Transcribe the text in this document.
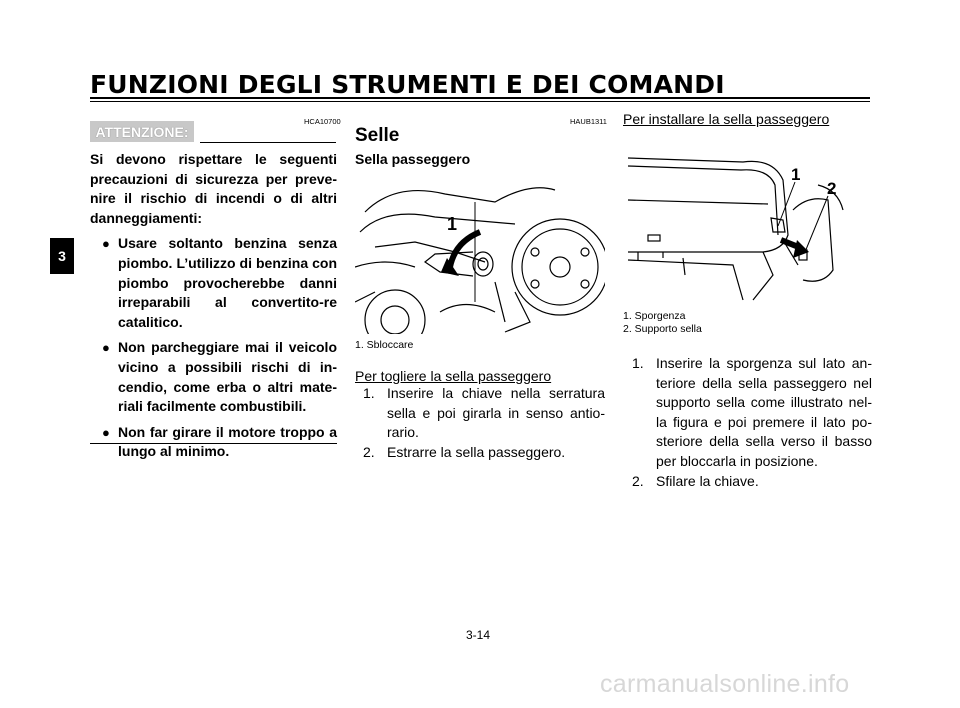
FUNZIONI DEGLI STRUMENTI E DEI COMANDI
3
HCA10700
ATTENZIONE:
Si devono rispettare le seguenti precauzioni di sicurezza per preve-nire il rischio di incendi o di altri danneggiamenti:
● Usare soltanto benzina senza piombo. L’utilizzo di benzina con piombo provocherebbe danni irreparabili al convertito-re catalitico.
● Non parcheggiare mai il veicolo vicino a possibili rischi di in-cendio, come erba o altri mate-riali facilmente combustibili.
● Non far girare il motore troppo a lungo al minimo.
HAUB1311
Selle
Sella passeggero
1
1. Sbloccare
Per togliere la sella passeggero
1. Inserire la chiave nella serratura sella e poi girarla in senso antio-rario.
2. Estrarre la sella passeggero.
Per installare la sella passeggero
1
2
1. Sporgenza
2. Supporto sella
1. Inserire la sporgenza sul lato an-teriore della sella passeggero nel supporto sella come illustrato nel-la figura e poi premere il lato po-steriore della sella verso il basso per bloccarla in posizione.
2. Sfilare la chiave.
3-14
carmanualsonline.info
